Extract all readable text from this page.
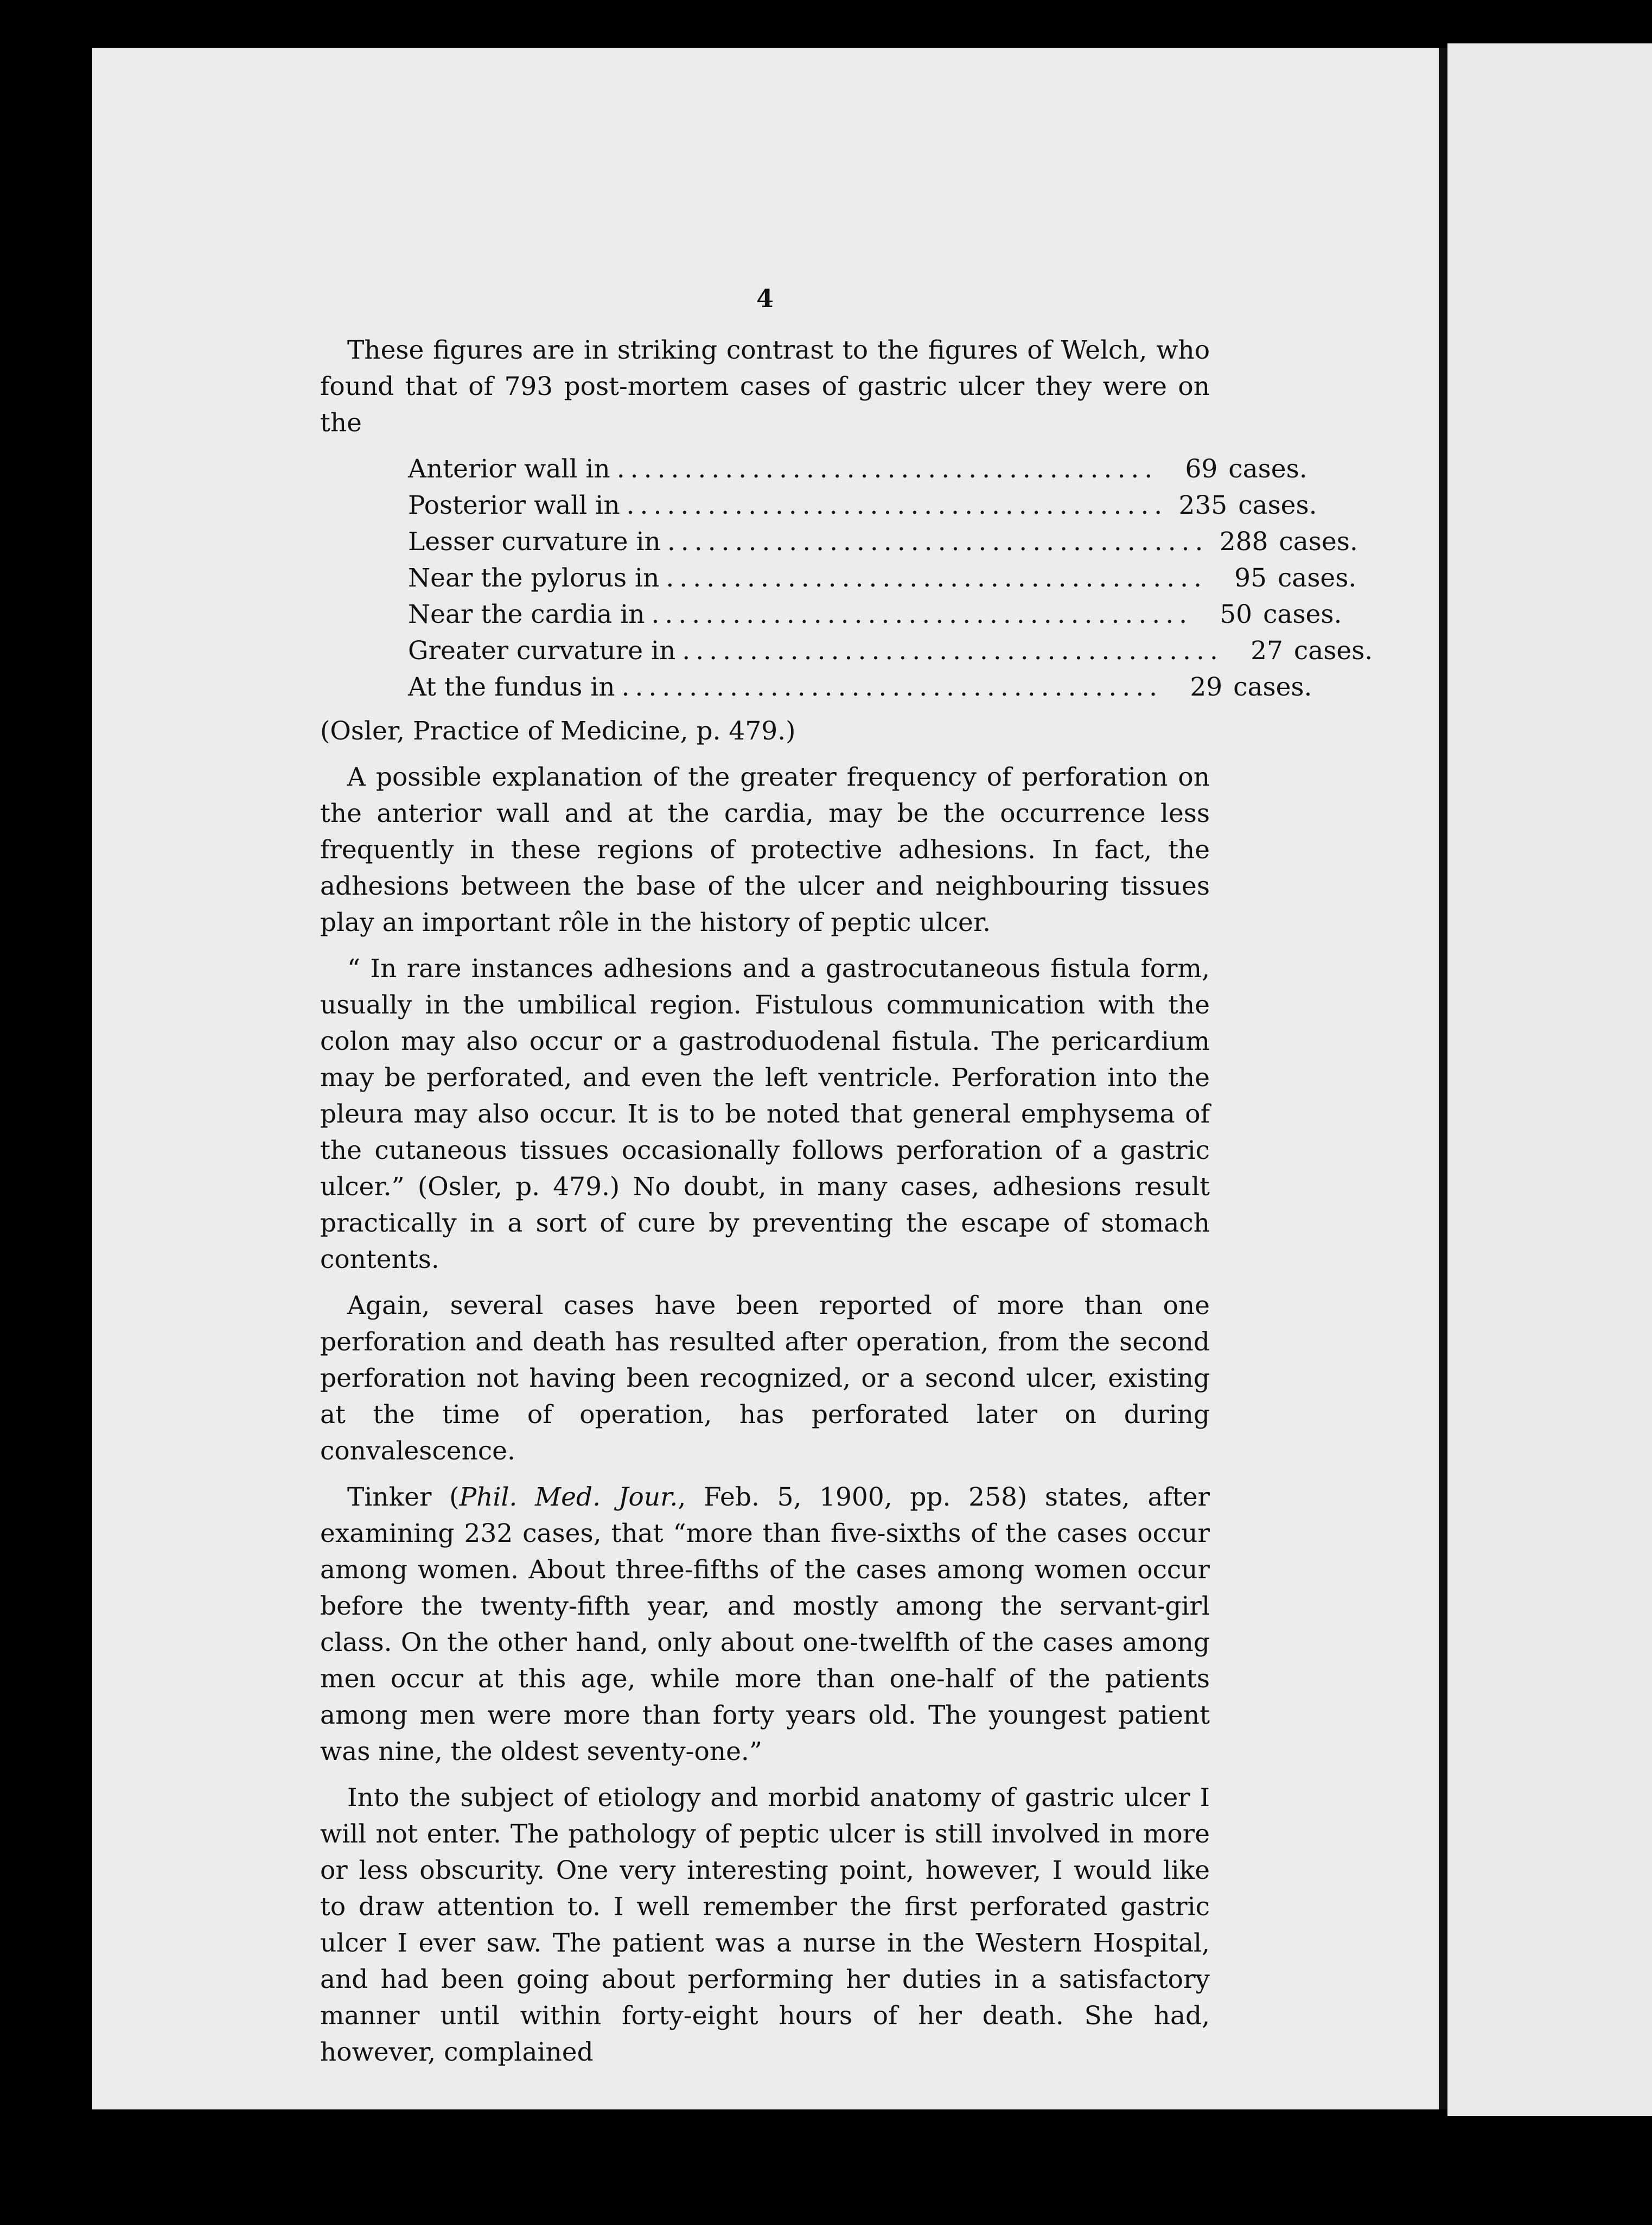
4

These figures are in striking contrast to the figures of Welch, who found that of 793 post-mortem cases of gastric ulcer they were on the

Anterior wall in ........................................	69 cases.
Posterior wall in ........................................ 235 cases.
Lesser curvature in ........................................ 288 cases.
Near the pylorus in ........................................	95 cases.
Near the cardia in ........................................	50 cases.
Greater curvature in ........................................	27 cases.
At the fundus in ........................................	29 cases.

(Osler, Practice of Medicine, p. 479.)

A possible explanation of the greater frequency of perforation on the anterior wall and at the cardia, may be the occurrence less frequently in these regions of protective adhesions. In fact, the adhesions between the base of the ulcer and neighbouring tissues play an important rôle in the history of peptic ulcer.

“ In rare instances adhesions and a gastrocutaneous fistula form, usually in the umbilical region. Fistulous communication with the colon may also occur or a gastroduodenal fistula. The pericardium may be perforated, and even the left ventricle. Perforation into the pleura may also occur. It is to be noted that general emphysema of the cutaneous tissues occasionally follows perforation of a gastric ulcer.” (Osler, p. 479.) No doubt, in many cases, adhesions result practically in a sort of cure by preventing the escape of stomach contents.

Again, several cases have been reported of more than one perforation and death has resulted after operation, from the second perforation not having been recognized, or a second ulcer, existing at the time of operation, has perforated later on during convalescence.

Tinker (Phil. Med. Jour., Feb. 5, 1900, pp. 258) states, after examining 232 cases, that “more than five-sixths of the cases occur among women. About three-fifths of the cases among women occur before the twenty-fifth year, and mostly among the servant-girl class. On the other hand, only about one-twelfth of the cases among men occur at this age, while more than one-half of the patients among men were more than forty years old. The youngest patient was nine, the oldest seventy-one.”

Into the subject of etiology and morbid anatomy of gastric ulcer I will not enter. The pathology of peptic ulcer is still involved in more or less obscurity. One very interesting point, however, I would like to draw attention to. I well remember the first perforated gastric ulcer I ever saw. The patient was a nurse in the Western Hospital, and had been going about performing her duties in a satisfactory manner until within forty-eight hours of her death. She had, however, complained
